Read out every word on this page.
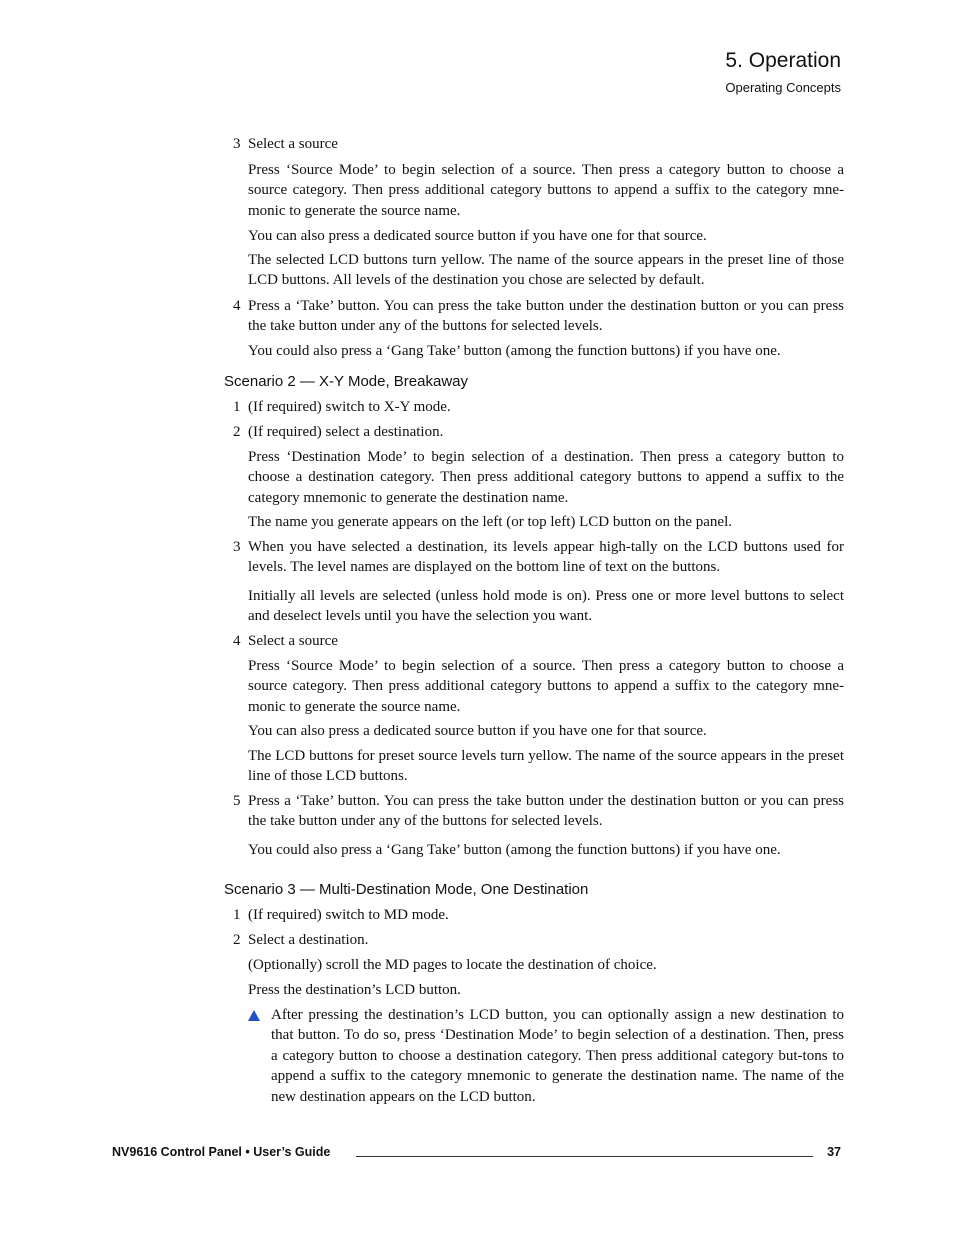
5. Operation
Operating Concepts
3 Select a source

Press ‘Source Mode’ to begin selection of a source. Then press a category button to choose a source category. Then press additional category buttons to append a suffix to the category mne-monic to generate the source name.

You can also press a dedicated source button if you have one for that source.

The selected LCD buttons turn yellow. The name of the source appears in the preset line of those LCD buttons. All levels of the destination you chose are selected by default.

4 Press a ‘Take’ button. You can press the take button under the destination button or you can press the take button under any of the buttons for selected levels.

You could also press a ‘Gang Take’ button (among the function buttons) if you have one.

Scenario 2 — X-Y Mode, Breakaway
1 (If required) switch to X-Y mode.

2 (If required) select a destination.

Press ‘Destination Mode’ to begin selection of a destination. Then press a category button to choose a destination category. Then press additional category buttons to append a suffix to the category mnemonic to generate the destination name.

The name you generate appears on the left (or top left) LCD button on the panel.

3 When you have selected a destination, its levels appear high-tally on the LCD buttons used for levels. The level names are displayed on the bottom line of text on the buttons.

Initially all levels are selected (unless hold mode is on). Press one or more level buttons to select and deselect levels until you have the selection you want.

4 Select a source

Press ‘Source Mode’ to begin selection of a source. Then press a category button to choose a source category. Then press additional category buttons to append a suffix to the category mne-monic to generate the source name.

You can also press a dedicated source button if you have one for that source.

The LCD buttons for preset source levels turn yellow. The name of the source appears in the preset line of those LCD buttons.

5 Press a ‘Take’ button. You can press the take button under the destination button or you can press the take button under any of the buttons for selected levels.

You could also press a ‘Gang Take’ button (among the function buttons) if you have one.

Scenario 3 — Multi-Destination Mode, One Destination
1 (If required) switch to MD mode.

2 Select a destination.

(Optionally) scroll the MD pages to locate the destination of choice.

Press the destination’s LCD button.

After pressing the destination’s LCD button, you can optionally assign a new destination to that button. To do so, press ‘Destination Mode’ to begin selection of a destination. Then, press a category button to choose a destination category. Then press additional category but-tons to append a suffix to the category mnemonic to generate the destination name. The name of the new destination appears on the LCD button.

NV9616 Control Panel • User’s Guide	37
